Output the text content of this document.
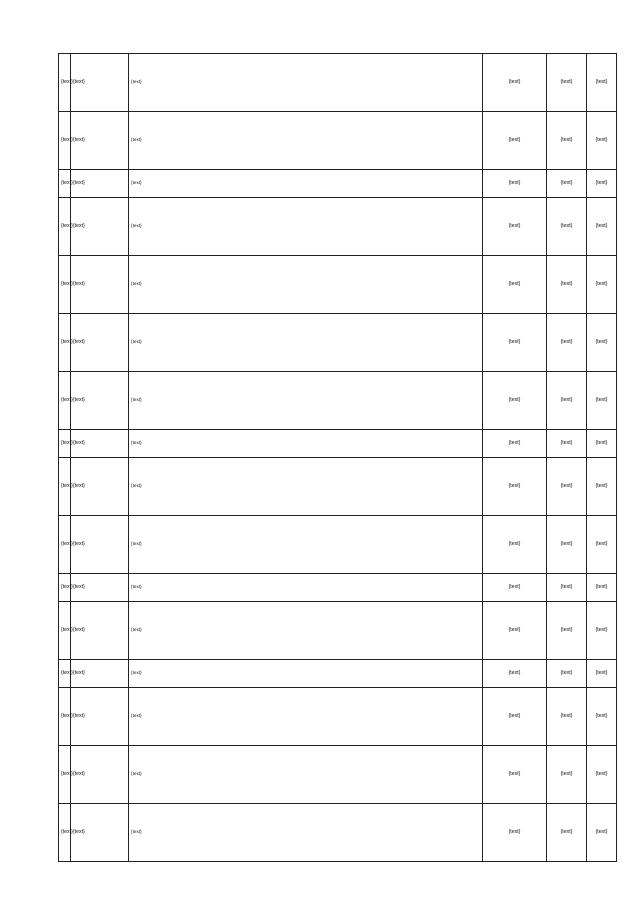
{text}	{text}	{text}	{text}	{text}	{text}
{text}	{text}	{text}	{text}	{text}	{text}
{text}	{text}	{text}	{text}	{text}	{text}
{text}	{text}	{text}	{text}	{text}	{text}
{text}	{text}	{text}	{text}	{text}	{text}
{text}	{text}	{text}	{text}	{text}	{text}
{text}	{text}	{text}	{text}	{text}	{text}
{text}	{text}	{text}	{text}	{text}	{text}
{text}	{text}	{text}	{text}	{text}	{text}
{text}	{text}	{text}	{text}	{text}	{text}
{text}	{text}	{text}	{text}	{text}	{text}
{text}	{text}	{text}	{text}	{text}	{text}
{text}	{text}	{text}	{text}	{text}	{text}
{text}	{text}	{text}	{text}	{text}	{text}
{text}	{text}	{text}	{text}	{text}	{text}
{text}	{text}	{text}	{text}	{text}	{text}
